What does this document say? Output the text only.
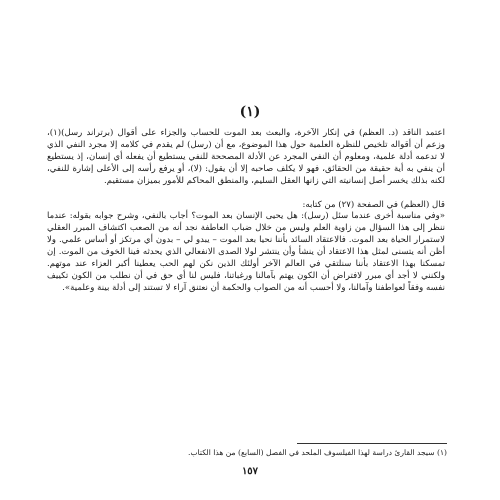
(١)

اعتمد الناقد (د. العظم) في إنكار الآخرة، والبعث بعد الموت للحساب والجزاء على أقوال (برتراند رسل)(١)، وزعم أن أقواله تلخيص للنظرة العلمية حول هذا الموضوع، مع أن (رسل) لم يقدم في كلامه إلا مجرد النفي الذي لا تدعمه أدلة علمية، ومعلوم أن النفي المجرد عن الأدلة المصححة للنفي يستطيع أن يفعله أي إنسان، إذ يستطيع أن ينفي به أية حقيقة من الحقائق، فهو لا يكلف صاحبه إلا أن يقول: (لا)، أو يرفع رأسه إلى الأعلى إشارة للنفي، لكنه بذلك يخسر أصل إنسانيته التي زانها العقل السليم، والمنطق المحاكم للأمور بميزان مستقيم.

قال (العظم) في الصفحة (٢٧) من كتابه:

«وفي مناسبة أخرى عندما سئل (رسل): هل يحيى الإنسان بعد الموت؟ أجاب بالنفي، وشرح جوابه بقوله: عندما ننظر إلى هذا السؤال من زاوية العلم وليس من خلال ضباب العاطفة نجد أنه من الصعب اكتشاف المبرر العقلي لاستمرار الحياة بعد الموت. فالاعتقاد السائد بأننا نحيا بعد الموت – يبدو لي – بدون أي مرتكز أو أساس علمي. ولا أظن أنه يتسنى لمثل هذا الاعتقاد أن ينشأ وأن ينتشر لولا الصدى الانفعالي الذي يحدثه فينا الخوف من الموت. إن تمسكنا بهذا الاعتقاد بأننا سنلتقي في العالم الآخر أولئك الذين نكن لهم الحب يعطينا أكبر العزاء عند موتهم. ولكنني لا أجد أي مبرر لافتراض أن الكون يهتم بآمالنا ورغباتنا، فليس لنا أي حق في أن نطلب من الكون تكييف نفسه وفقاً لعواطفنا وآمالنا، ولا أحسب أنه من الصواب والحكمة أن نعتنق آراء لا تستند إلى أدلة بينة وعلمية».

(١) سيجد القارئ دراسة لهذا الفيلسوف الملحد في الفصل (السابع) من هذا الكتاب.
١٥٧
